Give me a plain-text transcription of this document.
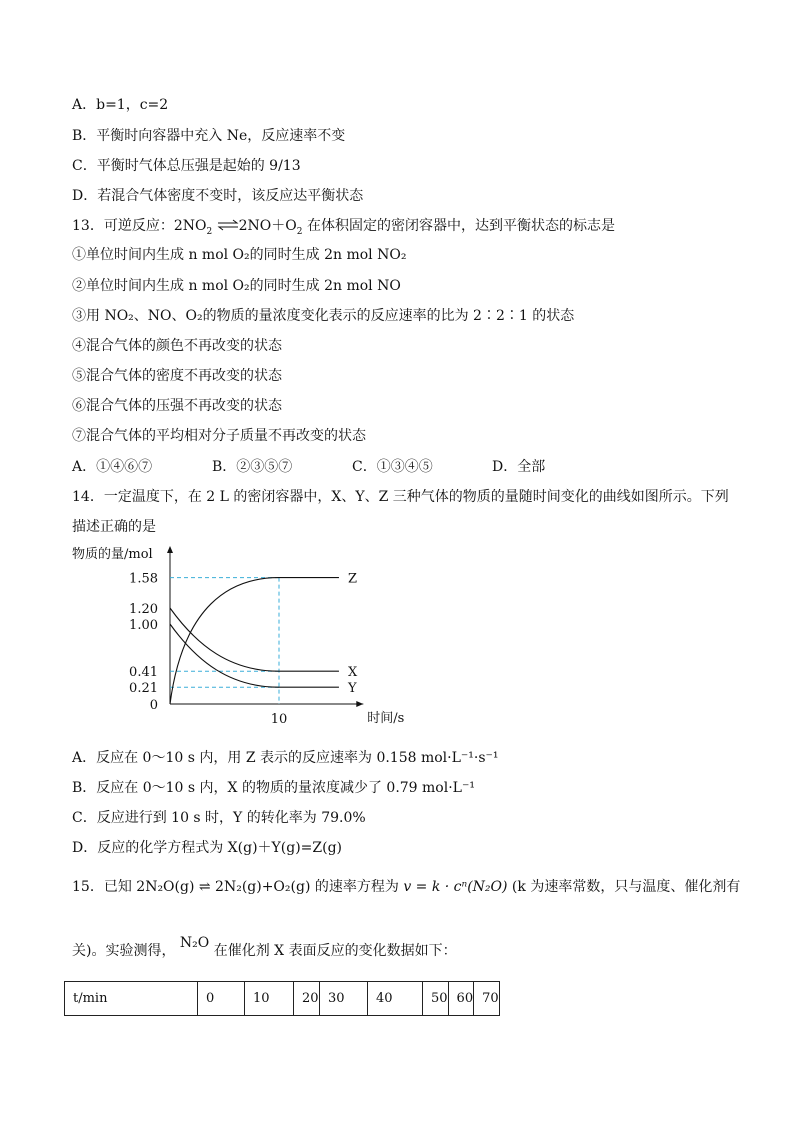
A．b=1，c=2
B．平衡时向容器中充入 Ne，反应速率不变
C．平衡时气体总压强是起始的 9/13
D．若混合气体密度不变时，该反应达平衡状态
13．可逆反应：$2NO_2$ $\rightleftharpoons 2NO+O_2$ 在体积固定的密闭容器中，达到平衡状态的标志是
①单位时间内生成 n mol O₂的同时生成 2n mol NO₂
②单位时间内生成 n mol O₂的同时生成 2n mol NO
③用 NO₂、NO、O₂的物质的量浓度变化表示的反应速率的比为 2∶2∶1 的状态
④混合气体的颜色不再改变的状态
⑤混合气体的密度不再改变的状态
⑥混合气体的压强不再改变的状态
⑦混合气体的平均相对分子质量不再改变的状态
A．①④⑥⑦	B．②③⑤⑦	C．①③④⑤	D．全部
14．一定温度下，在 2 L 的密闭容器中，X、Y、Z 三种气体的物质的量随时间变化的曲线如图所示。下列
描述正确的是
物质的量/mol
时间/s
1.58
1.20
1.00
0.41
0.21
0
10
Z
X
Y
A．反应在 0～10 s 内，用 Z 表示的反应速率为 0.158 mol·L⁻¹·s⁻¹
B．反应在 0～10 s 内，X 的物质的量浓度减少了 0.79 mol·L⁻¹
C．反应进行到 10 s 时，Y 的转化率为 79.0%
D．反应的化学方程式为 X(g)＋Y(g)=Z(g)
15．已知 2N₂O(g) ⇌ 2N₂(g)+O₂(g) 的速率方程为 v = k · cⁿ(N₂O) (k 为速率常数，只与温度、催化剂有
关)。实验测得， N₂O 在催化剂 X 表面反应的变化数据如下：
t/min	0	10	20	30	40	50	60	70
